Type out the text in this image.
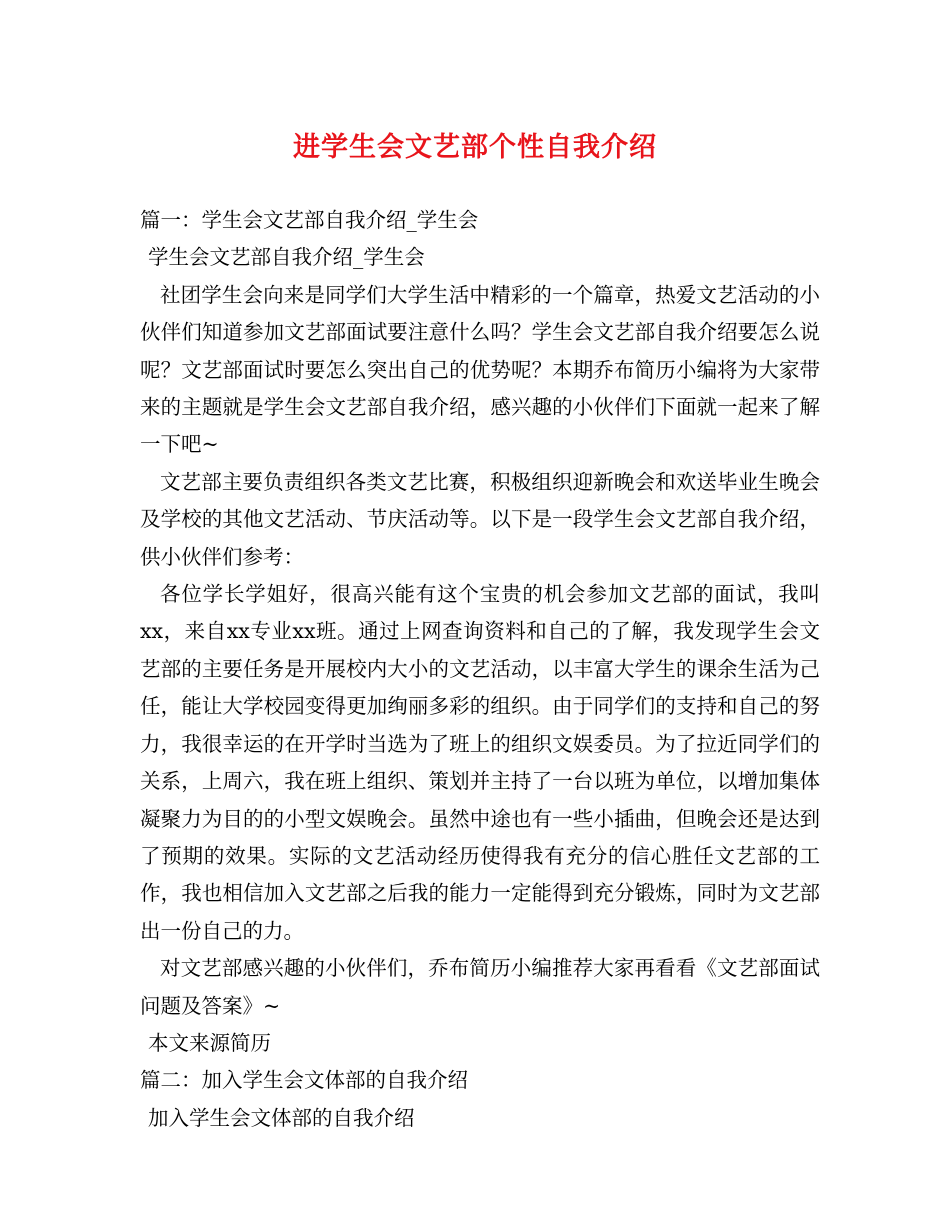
进学生会文艺部个性自我介绍

篇一：学生会文艺部自我介绍_学生会

学生会文艺部自我介绍_学生会

社团学生会向来是同学们大学生活中精彩的一个篇章，热爱文艺活动的小伙伴们知道参加文艺部面试要注意什么吗？学生会文艺部自我介绍要怎么说呢？文艺部面试时要怎么突出自己的优势呢？本期乔布简历小编将为大家带来的主题就是学生会文艺部自我介绍，感兴趣的小伙伴们下面就一起来了解一下吧~

文艺部主要负责组织各类文艺比赛，积极组织迎新晚会和欢送毕业生晚会及学校的其他文艺活动、节庆活动等。以下是一段学生会文艺部自我介绍，供小伙伴们参考：

各位学长学姐好，很高兴能有这个宝贵的机会参加文艺部的面试，我叫xx，来自xx专业xx班。通过上网查询资料和自己的了解，我发现学生会文艺部的主要任务是开展校内大小的文艺活动，以丰富大学生的课余生活为己任，能让大学校园变得更加绚丽多彩的组织。由于同学们的支持和自己的努力，我很幸运的在开学时当选为了班上的组织文娱委员。为了拉近同学们的关系，上周六，我在班上组织、策划并主持了一台以班为单位，以增加集体凝聚力为目的的小型文娱晚会。虽然中途也有一些小插曲，但晚会还是达到了预期的效果。实际的文艺活动经历使得我有充分的信心胜任文艺部的工作，我也相信加入文艺部之后我的能力一定能得到充分锻炼，同时为文艺部出一份自己的力。

对文艺部感兴趣的小伙伴们，乔布简历小编推荐大家再看看《文艺部面试问题及答案》~

本文来源简历

篇二：加入学生会文体部的自我介绍

加入学生会文体部的自我介绍
